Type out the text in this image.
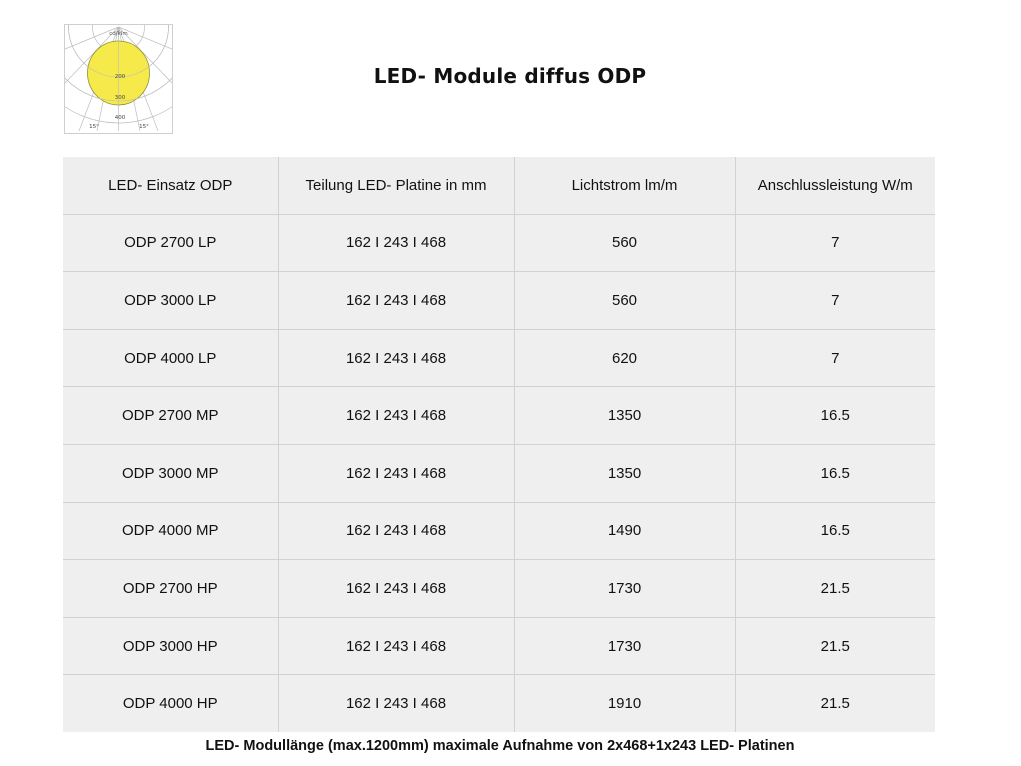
cd/klm
200
300
400
15°	15°
LED- Module diffus ODP
LED- Einsatz ODP	Teilung LED- Platine in mm	Lichtstrom lm/m	Anschlussleistung W/m
ODP 2700 LP	162 I 243 I 468	560	7
ODP 3000 LP	162 I 243 I 468	560	7
ODP 4000 LP	162 I 243 I 468	620	7
ODP 2700 MP	162 I 243 I 468	1350	16.5
ODP 3000 MP	162 I 243 I 468	1350	16.5
ODP 4000 MP	162 I 243 I 468	1490	16.5
ODP 2700 HP	162 I 243 I 468	1730	21.5
ODP 3000 HP	162 I 243 I 468	1730	21.5
ODP 4000 HP	162 I 243 I 468	1910	21.5
LED- Modullänge (max.1200mm) maximale Aufnahme von 2x468+1x243 LED- Platinen
